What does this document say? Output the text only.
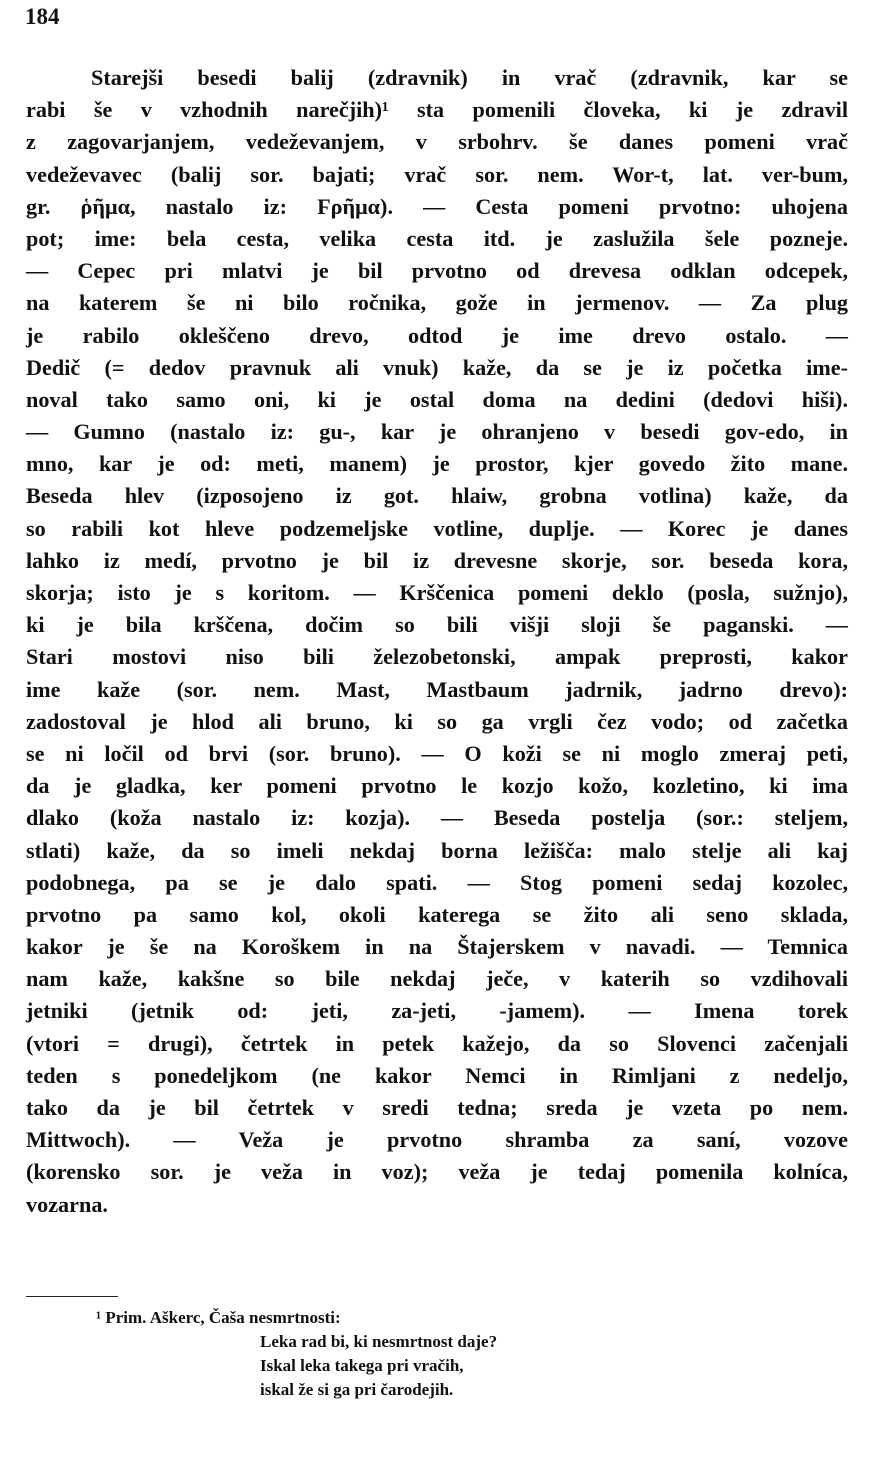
184
Starejši besedi balij (zdravnik) in vrač (zdravnik, kar se
rabi še v vzhodnih narečjih)¹ sta pomenili človeka, ki je zdravil
z zagovarjanjem, vedeževanjem, v srbohrv. še danes pomeni vrač
vedeževavec (balij sor. bajati; vrač sor. nem. Wor-t, lat. ver-bum,
gr. ῥῆμα, nastalo iz: Ϝρῆμα). — Cesta pomeni prvotno: uhojena
pot; ime: bela cesta, velika cesta itd. je zaslužila šele pozneje.
— Cepec pri mlatvi je bil prvotno od drevesa odklan odcepek,
na katerem še ni bilo ročnika, gože in jermenov. — Za plug
je rabilo okleščeno drevo, odtod je ime drevo ostalo. —
Dedič (= dedov pravnuk ali vnuk) kaže, da se je iz početka ime-
noval tako samo oni, ki je ostal doma na dedini (dedovi hiši).
— Gumno (nastalo iz: gu-, kar je ohranjeno v besedi gov-edo, in
mno, kar je od: meti, manem) je prostor, kjer govedo žito mane.
Beseda hlev (izposojeno iz got. hlaiw, grobna votlina) kaže, da
so rabili kot hleve podzemeljske votline, duplje. — Korec je danes
lahko iz medí, prvotno je bil iz drevesne skorje, sor. beseda kora,
skorja; isto je s koritom. — Krščenica pomeni deklo (posla, sužnjo),
ki je bila krščena, dočim so bili višji sloji še paganski. —
Stari mostovi niso bili železobetonski, ampak preprosti, kakor
ime kaže (sor. nem. Mast, Mastbaum jadrnik, jadrno drevo):
zadostoval je hlod ali bruno, ki so ga vrgli čez vodo; od začetka
se ni ločil od brvi (sor. bruno). — O koži se ni moglo zmeraj peti,
da je gladka, ker pomeni prvotno le kozjo kožo, kozletino, ki ima
dlako (koža nastalo iz: kozja). — Beseda postelja (sor.: steljem,
stlati) kaže, da so imeli nekdaj borna ležišča: malo stelje ali kaj
podobnega, pa se je dalo spati. — Stog pomeni sedaj kozolec,
prvotno pa samo kol, okoli katerega se žito ali seno sklada,
kakor je še na Koroškem in na Štajerskem v navadi. — Temnica
nam kaže, kakšne so bile nekdaj ječe, v katerih so vzdihovali
jetniki (jetnik od: jeti, za-jeti, -jamem). — Imena torek
(vtori = drugi), četrtek in petek kažejo, da so Slovenci začenjali
teden s ponedeljkom (ne kakor Nemci in Rimljani z nedeljo,
tako da je bil četrtek v sredi tedna; sreda je vzeta po nem.
Mittwoch). — Veža je prvotno shramba za saní, vozove
(korensko sor. je veža in voz); veža je tedaj pomenila kolníca,
vozarna.
¹ Prim. Aškerc, Čaša nesmrtnosti:
Leka rad bi, ki nesmrtnost daje?
Iskal leka takega pri vračih,
iskal že si ga pri čarodejih.
